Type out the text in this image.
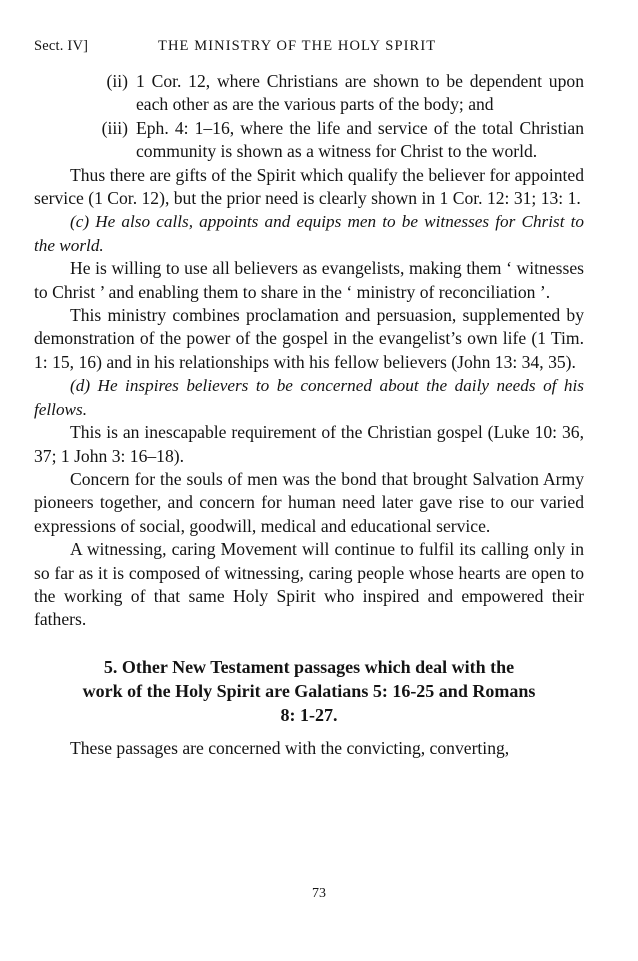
Sect. IV]	THE MINISTRY OF THE HOLY SPIRIT
(ii) 1 Cor. 12, where Christians are shown to be dependent upon each other as are the various parts of the body; and
(iii) Eph. 4: 1–16, where the life and service of the total Christian community is shown as a witness for Christ to the world.

Thus there are gifts of the Spirit which qualify the believer for appointed service (1 Cor. 12), but the prior need is clearly shown in 1 Cor. 12: 31; 13: 1.

(c) He also calls, appoints and equips men to be witnesses for Christ to the world.

He is willing to use all believers as evangelists, making them ‘ witnesses to Christ ’ and enabling them to share in the ‘ ministry of reconciliation ’.

This ministry combines proclamation and persuasion, supplemented by demonstration of the power of the gospel in the evangelist’s own life (1 Tim. 1: 15, 16) and in his relationships with his fellow believers (John 13: 34, 35).

(d) He inspires believers to be concerned about the daily needs of his fellows.

This is an inescapable requirement of the Christian gospel (Luke 10: 36, 37; 1 John 3: 16–18).

Concern for the souls of men was the bond that brought Salvation Army pioneers together, and concern for human need later gave rise to our varied expressions of social, goodwill, medical and educational service.

A witnessing, caring Movement will continue to fulfil its calling only in so far as it is composed of witnessing, caring people whose hearts are open to the working of that same Holy Spirit who inspired and empowered their fathers.

5. Other New Testament passages which deal with the
work of the Holy Spirit are Galatians 5: 16-25 and Romans
8: 1-27.

These passages are concerned with the convicting, converting,

73
